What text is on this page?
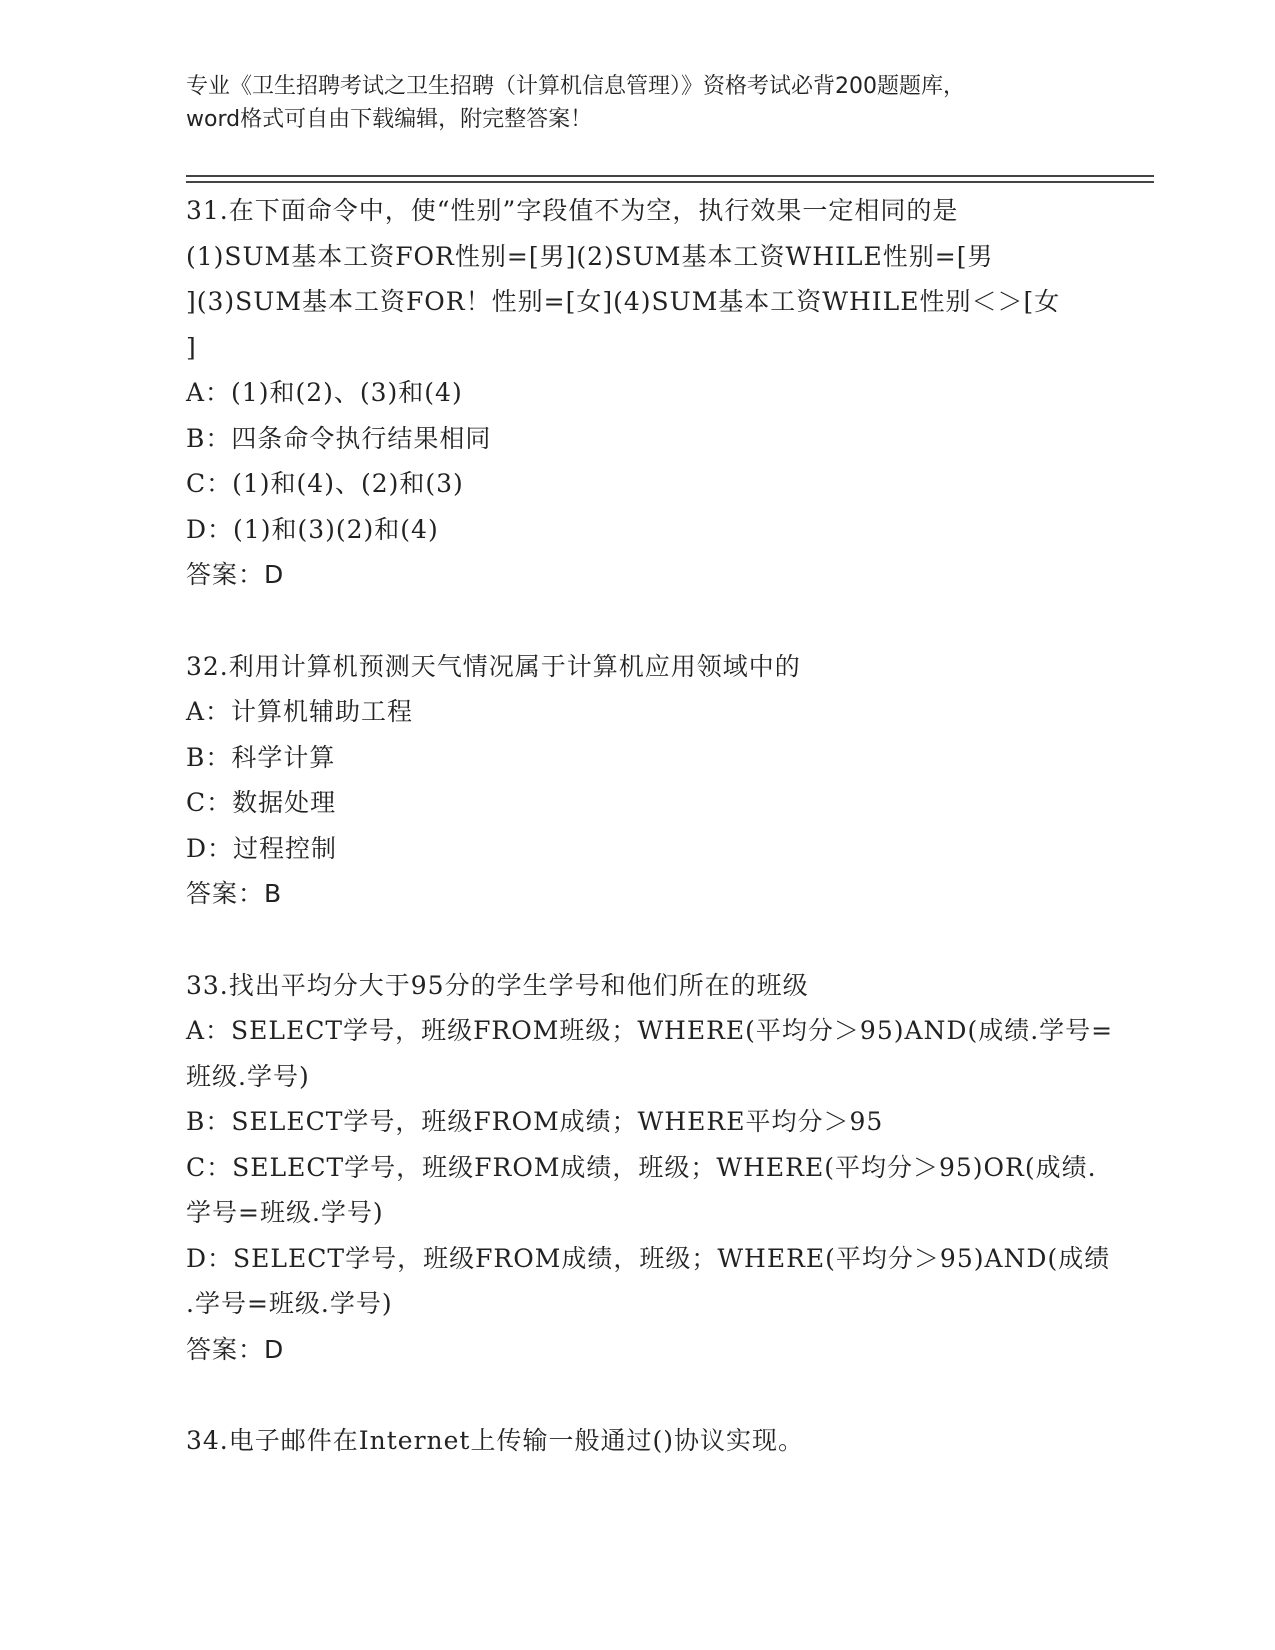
专业《卫生招聘考试之卫生招聘（计算机信息管理）》资格考试必背200题题库，
word格式可自由下载编辑，附完整答案！
31.在下面命令中，使“性别”字段值不为空，执行效果一定相同的是
(1)SUM基本工资FOR性别=[男](2)SUM基本工资WHILE性别=[男
](3)SUM基本工资FOR！性别=[女](4)SUM基本工资WHILE性别＜＞[女
]
A：(1)和(2)、(3)和(4)
B：四条命令执行结果相同
C：(1)和(4)、(2)和(3)
D：(1)和(3)(2)和(4)
答案：D
32.利用计算机预测天气情况属于计算机应用领域中的
A：计算机辅助工程
B：科学计算
C：数据处理
D：过程控制
答案：B
33.找出平均分大于95分的学生学号和他们所在的班级
A：SELECT学号，班级FROM班级；WHERE(平均分＞95)AND(成绩.学号=
班级.学号)
B：SELECT学号，班级FROM成绩；WHERE平均分＞95
C：SELECT学号，班级FROM成绩，班级；WHERE(平均分＞95)OR(成绩.
学号=班级.学号)
D：SELECT学号，班级FROM成绩，班级；WHERE(平均分＞95)AND(成绩
.学号=班级.学号)
答案：D
34.电子邮件在Internet上传输一般通过()协议实现。
